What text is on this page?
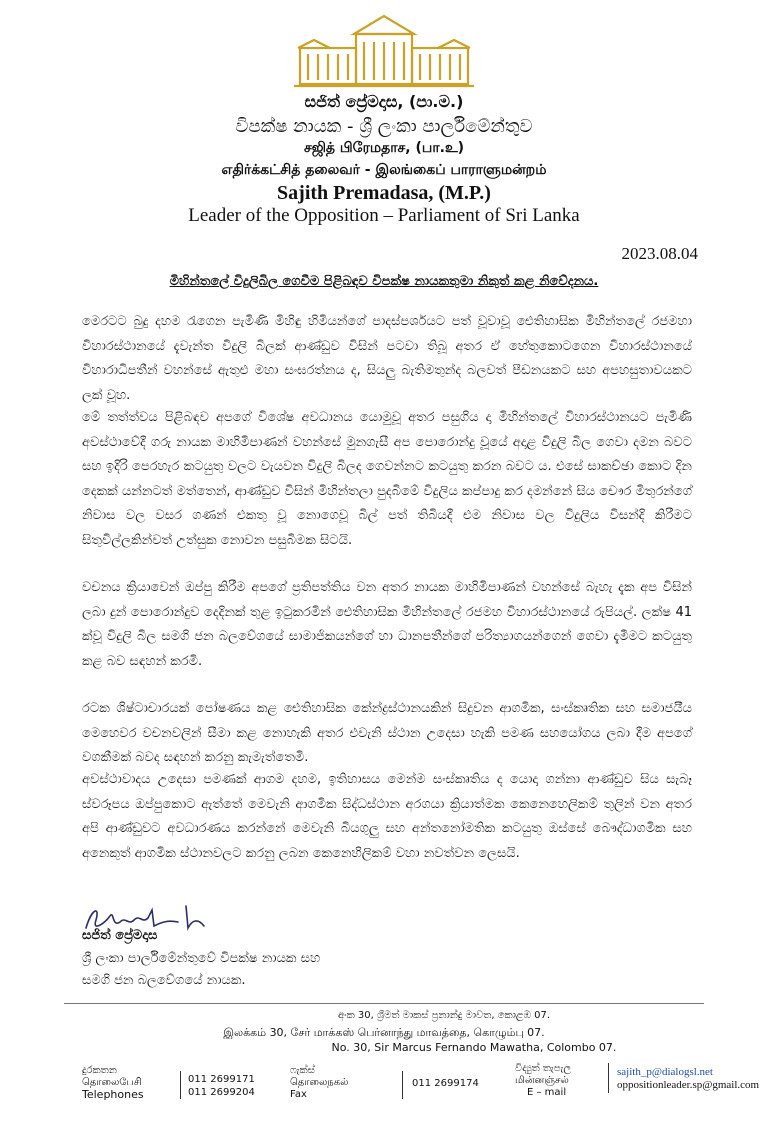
සජිත් ප්‍රේමදාස, (පා.ම.)
විපක්ෂ නායක - ශ්‍රී ලංකා පාර්ලිමේන්තුව
சஜித் பிரேமதாச, (பா.உ)
எதிர்க்கட்சித் தலைவர் - இலங்கைப் பாராளுமன்றம்
Sajith Premadasa, (M.P.)
Leader of the Opposition – Parliament of Sri Lanka
2023.08.04
මිහින්තලේ විදුලිබිල ගෙවීම පිළිබඳව විපක්ෂ නායකතුමා නිකුත් කළ නිවේදනය.

මෙරටට බුදු දහම රැගෙන පැමිණි මිහිඳු හිමියන්ගේ පාදස්පර්ශයට පත් වූවාවූ ඓතිහාසික මිහින්තලේ රජමහා විහාරස්ථානයේ දැවැන්ත විදුලි බිලක් ආණ්ඩුව විසින් පටවා තිබූ අතර ඒ හේතුකොටගෙන විහාරස්ථානයේ විහාරාධිපතීන් වහන්සේ ඇතුළු මහා සංඝරත්නය ද, සියලු බැතිමතුන්ද බලවත් පීඩනයකට සහ අපහසුතාවයකට ලක් වූහ.

මේ තත්ත්වය පිළිබඳව අපගේ විශේෂ අවධානය යොමුවූ අතර පසුගිය දා මිහින්තලේ විහාරස්ථානයට පැමිණි අවස්ථාවේදී ගරු නායක මාහිමිපාණන් වහන්සේ මුනගැසී අප පොරොන්දු වූයේ අදාළ විදුලි බිල ගෙවා දමන බවට සහ ඉදිරි පෙරහැර කටයුතු වලට වැයවන විදුලි බිලද ගෙවන්නට කටයුතු කරන බවට ය. එසේ සාකච්ඡා කොට දින දෙකක් යන්නටත් මත්තෙන්, ආණ්ඩුව විසින් මිහින්තලා පුදබිමේ විදුලිය කප්පාදු කර දමන්නේ සිය චෞර මිතුරන්ගේ නිවාස වල වසර ගණන් එකතු වූ නොගෙවූ බිල් පත් තිබියදී එම නිවාස වල විදුලිය විසන්දි කිරීමට සිතුවිල්ලකින්වත් උත්සුක නොවන පසුබිමක සිටයි.

වචනය ක්‍රියාවෙන් ඔප්පු කිරීම අපගේ ප්‍රතිපත්තිය වන අතර නායක මාහිමිපාණන් වහන්සේ බැහැ දැක අප විසින් ලබා දුන් පොරොන්දුව දෙදිනක් තුළ ඉටුකරමින් ඓතිහාසික මිහින්තලේ රජමහ විහාරස්ථානයේ රුපියල්. ලක්ෂ 41 ක්වූ විදුලි බිල සමගි ජන බලවේගයේ සාමාජිකයන්ගේ හා ධානපතීන්ගේ පරිත්‍යාගයන්ගෙන් ගෙවා දැමීමට කටයුතු කළ බව සඳහන් කරමි.

රටක ශිෂ්ටාචාරයක් පෝෂණය කළ ඓතිහාසික කේන්ද්‍රස්ථානයකින් සිදුවන ආගමික, සංස්කෘතික සහ සමාජයීය මෙහෙවර වචනවලින් සීමා කළ නොහැකි අතර එවැනි ස්ථාන උදෙසා හැකි පමණ සහයෝගය ලබා දීම අපගේ වගකීමක් බවද සඳහන් කරනු කැමැත්තෙමි.

අවස්ථාවාදය උදෙසා පමණක් ආගම දහම, ඉතිහාසය මෙන්ම සංස්කෘතිය ද යොදා ගන්නා ආණ්ඩුව සිය සැබෑ ස්වරූපය ඔප්පුකොට ඇත්තේ මෙවැනි ආගමික සිද්ධස්ථාන අරගයා ක්‍රියාත්මක කෙනෙහෙලිකම් තුලින් වන අතර අපි ආණ්ඩුවට අවධාරණය කරන්නේ මෙවැනි බියගුලු සහ අන්තනෝමතික කටයුතු ඔස්සේ බෞද්ධාගමික සහ අනෙකුත් ආගමික ස්ථානවලට කරනු ලබන කෙනෙහිලිකම් වහා නවත්වන ලෙසයි.

සජිත් ප්‍රේමදාස
ශ්‍රී ලංකා පාර්ලිමේන්තුවේ විපක්ෂ නායක සහ
සමගි ජන බලවේගයේ නායක.
අංක 30, ශ්‍රීමත් මාකස් ප්‍රනාන්දු මාවත, කොළඹ 07.
இலக்கம் 30, சேர் மாக்கஸ் பெர்னாந்து மாவத்தை, கொழும்பு 07.
No. 30, Sir Marcus Fernando Mawatha, Colombo 07.
දුරකතන
தொலைபேசி
Telephones
011 2699171
011 2699204
ෆැක්ස්
தொலைநகல்
Fax
011 2699174
විද්‍යුත් තැපැල
மின்னஞ்சல்
E – mail
sajith_p@dialogsl.net
oppositionleader.sp@gmail.com
